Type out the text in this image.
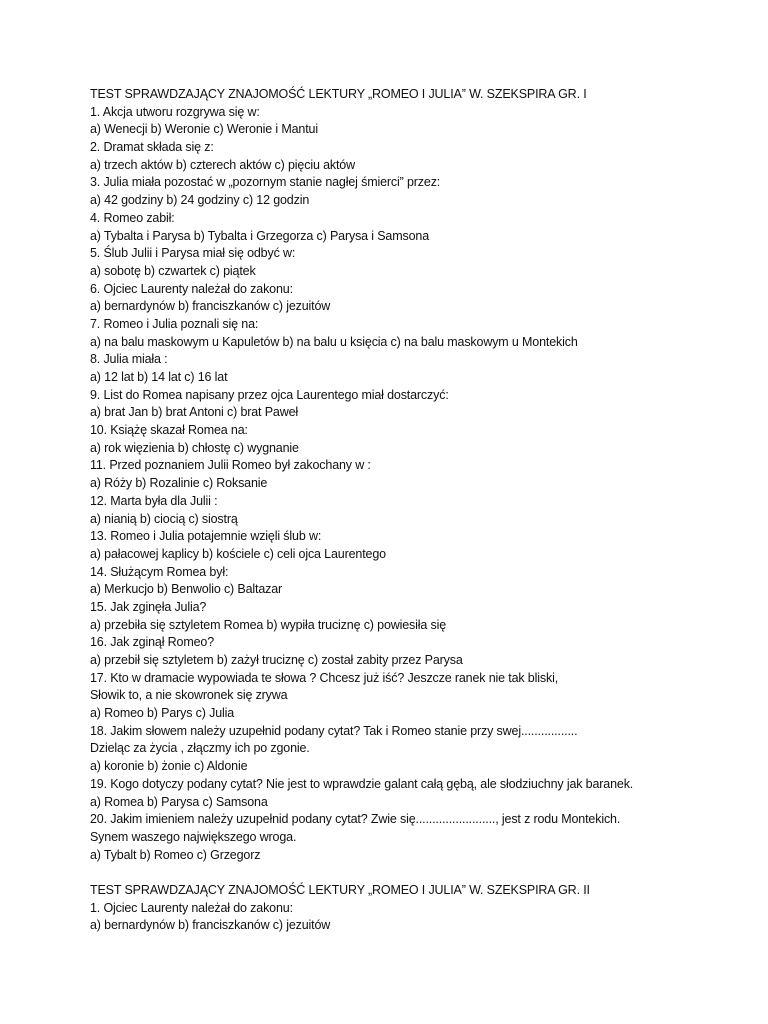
TEST SPRAWDZAJĄCY ZNAJOMOŚĆ LEKTURY „ROMEO I JULIA” W. SZEKSPIRA GR. I
1. Akcja utworu rozgrywa się w:
a) Wenecji b) Weronie c) Weronie i Mantui
2. Dramat składa się z:
a) trzech aktów b) czterech aktów c) pięciu aktów
3. Julia miała pozostać w „pozornym stanie nagłej śmierci” przez:
a) 42 godziny b) 24 godziny c) 12 godzin
4. Romeo zabił:
a) Tybalta i Parysa b) Tybalta i Grzegorza c) Parysa i Samsona
5. Ślub Julii i Parysa miał się odbyć w:
a) sobotę b) czwartek c) piątek
6. Ojciec Laurenty należał do zakonu:
a) bernardynów b) franciszkanów c) jezuitów
7. Romeo i Julia poznali się na:
a) na balu maskowym u Kapuletów b) na balu u księcia c) na balu maskowym u Montekich
8. Julia miała :
a) 12 lat b) 14 lat c) 16 lat
9. List do Romea napisany przez ojca Laurentego miał dostarczyć:
a) brat Jan b) brat Antoni c) brat Paweł
10. Książę skazał Romea na:
a) rok więzienia b) chłostę c) wygnanie
11. Przed poznaniem Julii Romeo był zakochany w :
a) Róży b) Rozalinie c) Roksanie
12. Marta była dla Julii :
a) nianią b) ciocią c) siostrą
13. Romeo i Julia potajemnie wzięli ślub w:
a) pałacowej kaplicy b) kościele c) celi ojca Laurentego
14. Służącym Romea był:
a) Merkucjo b) Benwolio c) Baltazar
15. Jak zginęła Julia?
a) przebiła się sztyletem Romea b) wypiła truciznę c) powiesiła się
16. Jak zginął Romeo?
a) przebił się sztyletem b) zażył truciznę c) został zabity przez Parysa
17. Kto w dramacie wypowiada te słowa ? Chcesz już iść? Jeszcze ranek nie tak bliski,
Słowik to, a nie skowronek się zrywa
a) Romeo b) Parys c) Julia
18. Jakim słowem należy uzupełnid podany cytat? Tak i Romeo stanie przy swej.................
Dzieląc za życia , złączmy ich po zgonie.
a) koronie b) żonie c) Aldonie
19. Kogo dotyczy podany cytat? Nie jest to wprawdzie galant całą gębą, ale słodziuchny jak baranek.
a) Romea b) Parysa c) Samsona
20. Jakim imieniem należy uzupełnid podany cytat? Zwie się........................, jest z rodu Montekich.
Synem waszego największego wroga.
a) Tybalt b) Romeo c) Grzegorz
TEST SPRAWDZAJĄCY ZNAJOMOŚĆ LEKTURY „ROMEO I JULIA” W. SZEKSPIRA GR. II
1. Ojciec Laurenty należał do zakonu:
a) bernardynów b) franciszkanów c) jezuitów
